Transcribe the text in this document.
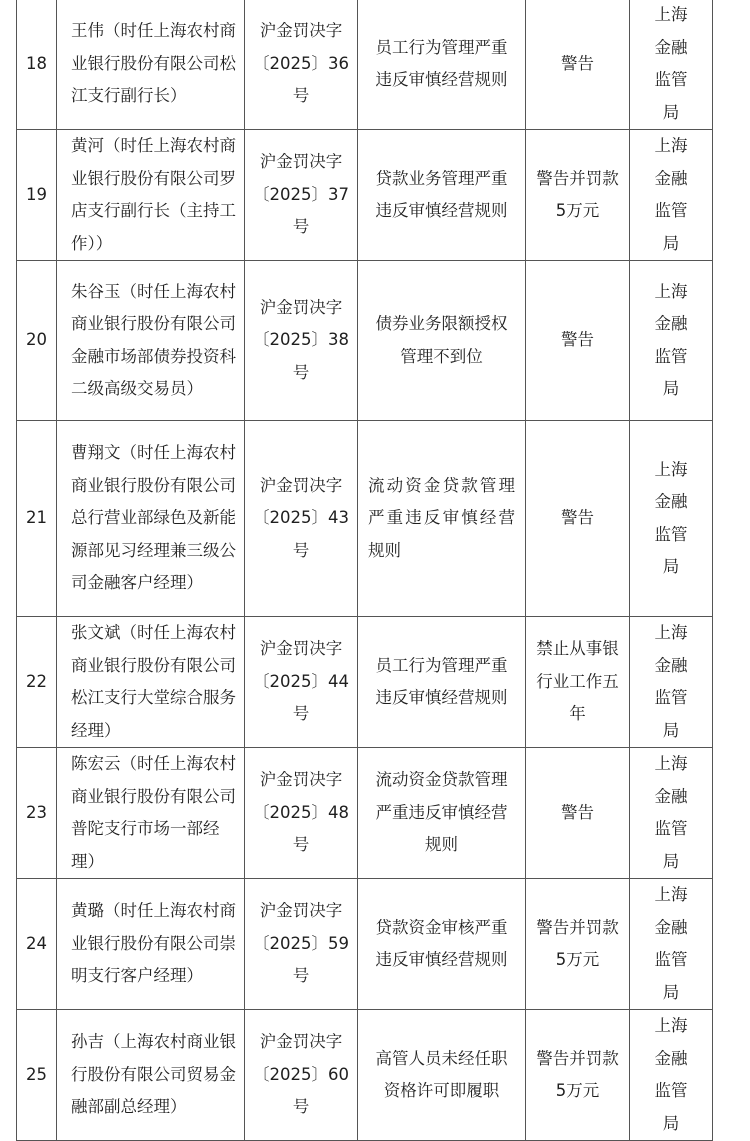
18	王伟（时任上海农村商业银行股份有限公司松江支行副行长）	沪金罚决字〔2025〕36号	员工行为管理严重违反审慎经营规则	警告	上海金融监管局
19	黄河（时任上海农村商业银行股份有限公司罗店支行副行长（主持工作））	沪金罚决字〔2025〕37号	贷款业务管理严重违反审慎经营规则	警告并罚款5万元	上海金融监管局
20	朱谷玉（时任上海农村商业银行股份有限公司金融市场部债券投资科二级高级交易员）	沪金罚决字〔2025〕38号	债券业务限额授权管理不到位	警告	上海金融监管局
21	曹翔文（时任上海农村商业银行股份有限公司总行营业部绿色及新能源部见习经理兼三级公司金融客户经理）	沪金罚决字〔2025〕43号	流动资金贷款管理严重违反审慎经营规则	警告	上海金融监管局
22	张文斌（时任上海农村商业银行股份有限公司松江支行大堂综合服务经理）	沪金罚决字〔2025〕44号	员工行为管理严重违反审慎经营规则	禁止从事银行业工作五年	上海金融监管局
23	陈宏云（时任上海农村商业银行股份有限公司普陀支行市场一部经理）	沪金罚决字〔2025〕48号	流动资金贷款管理严重违反审慎经营规则	警告	上海金融监管局
24	黄璐（时任上海农村商业银行股份有限公司崇明支行客户经理）	沪金罚决字〔2025〕59号	贷款资金审核严重违反审慎经营规则	警告并罚款5万元	上海金融监管局
25	孙吉（上海农村商业银行股份有限公司贸易金融部副总经理）	沪金罚决字〔2025〕60号	高管人员未经任职资格许可即履职	警告并罚款5万元	上海金融监管局
